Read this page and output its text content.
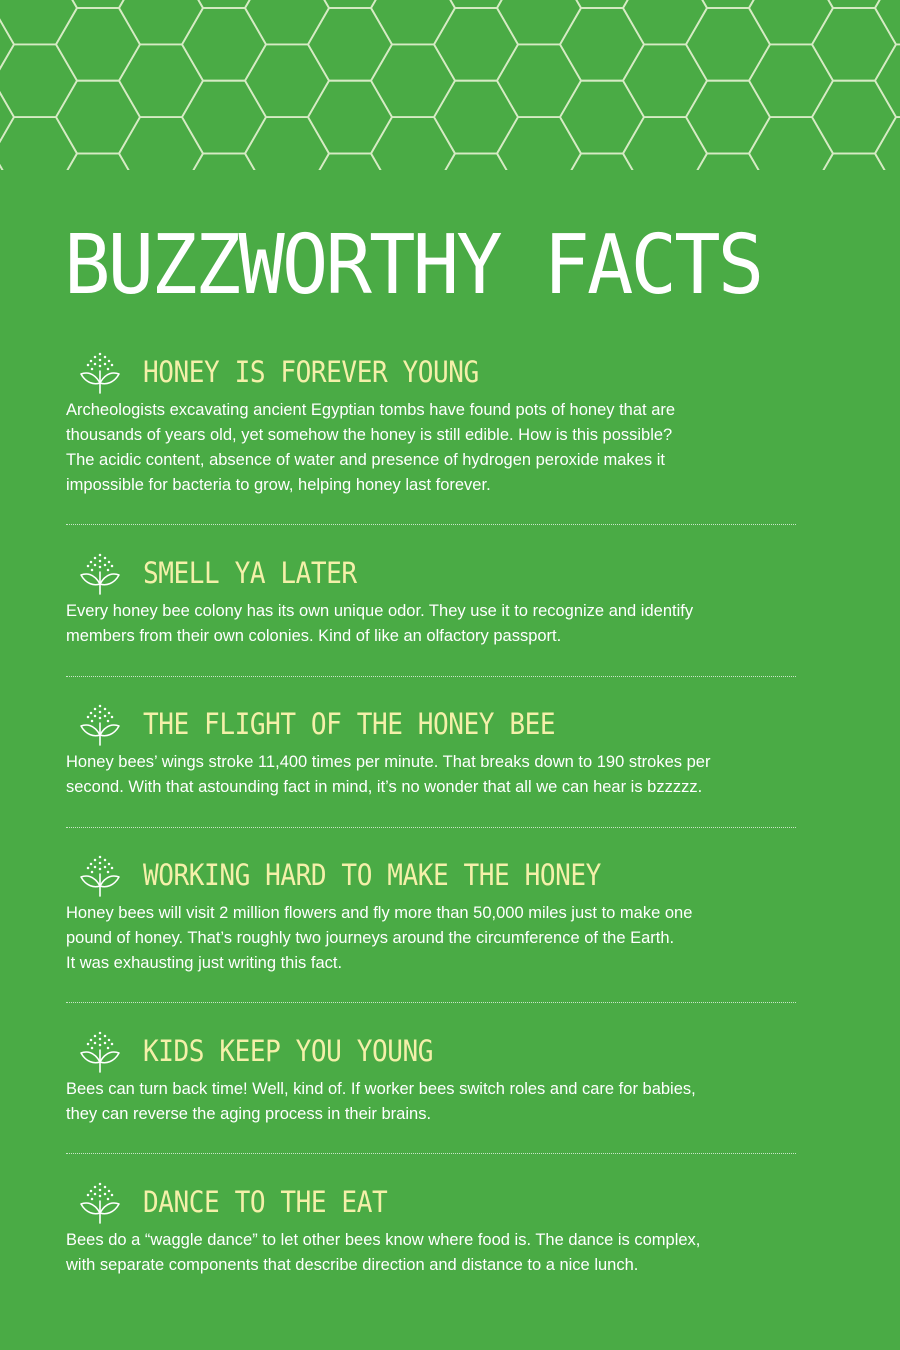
BUZZWORTHY FACTS
HONEY IS FOREVER YOUNG

Archeologists excavating ancient Egyptian tombs have found pots of honey that are
thousands of years old, yet somehow the honey is still edible. How is this possible?
The acidic content, absence of water and presence of hydrogen peroxide makes it
impossible for bacteria to grow, helping honey last forever.

SMELL YA LATER

Every honey bee colony has its own unique odor. They use it to recognize and identify
members from their own colonies. Kind of like an olfactory passport.

THE FLIGHT OF THE HONEY BEE

Honey bees’ wings stroke 11,400 times per minute. That breaks down to 190 strokes per
second. With that astounding fact in mind, it’s no wonder that all we can hear is bzzzzz.

WORKING HARD TO MAKE THE HONEY

Honey bees will visit 2 million flowers and fly more than 50,000 miles just to make one
pound of honey. That’s roughly two journeys around the circumference of the Earth.
It was exhausting just writing this fact.

KIDS KEEP YOU YOUNG

Bees can turn back time! Well, kind of. If worker bees switch roles and care for babies,
they can reverse the aging process in their brains.

DANCE TO THE EAT

Bees do a “waggle dance” to let other bees know where food is. The dance is complex,
with separate components that describe direction and distance to a nice lunch.
